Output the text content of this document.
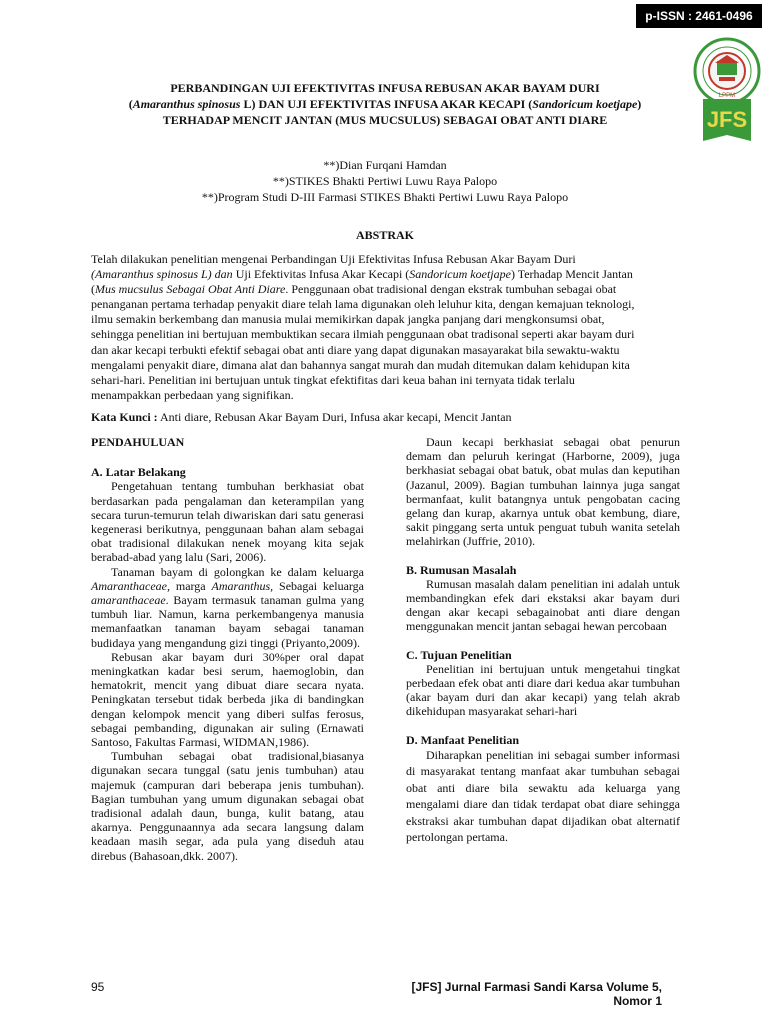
p-ISSN : 2461-0496
JFS
LPPM
PERBANDINGAN UJI EFEKTIVITAS INFUSA REBUSAN AKAR BAYAM DURI
(Amaranthus spinosus L) DAN UJI EFEKTIVITAS INFUSA AKAR KECAPI (Sandoricum koetjape)
TERHADAP MENCIT JANTAN (MUS MUCSULUS) SEBAGAI OBAT ANTI DIARE
**)Dian Furqani Hamdan
**)STIKES Bhakti Pertiwi Luwu Raya Palopo
**)Program Studi D-III Farmasi STIKES Bhakti Pertiwi Luwu Raya Palopo
ABSTRAK
Telah dilakukan penelitian mengenai Perbandingan Uji Efektivitas Infusa Rebusan Akar Bayam Duri
(Amaranthus spinosus L) dan Uji Efektivitas Infusa Akar Kecapi (Sandoricum koetjape) Terhadap Mencit Jantan
(Mus mucsulus Sebagai Obat Anti Diare. Penggunaan obat tradisional dengan ekstrak tumbuhan sebagai obat
penanganan pertama terhadap penyakit diare telah lama digunakan oleh leluhur kita, dengan kemajuan teknologi,
ilmu semakin berkembang dan manusia mulai memikirkan dapak jangka panjang dari mengkonsumsi obat,
sehingga penelitian ini bertujuan membuktikan secara ilmiah penggunaan obat tradisonal seperti akar bayam duri
dan akar kecapi terbukti efektif sebagai obat anti diare yang dapat digunakan masayarakat bila sewaktu-waktu
mengalami penyakit diare, dimana alat dan bahannya sangat murah dan mudah ditemukan dalam kehidupan kita
sehari-hari. Penelitian ini bertujuan untuk tingkat efektifitas dari keua bahan ini ternyata tidak terlalu
menampakkan perbedaan yang signifikan.
Kata Kunci : Anti diare, Rebusan Akar Bayam Duri, Infusa akar kecapi, Mencit Jantan
PENDAHULUAN
A. Latar Belakang

Pengetahuan tentang tumbuhan berkhasiat obat berdasarkan pada pengalaman dan keterampilan yang secara turun-temurun telah diwariskan dari satu generasi kegenerasi berikutnya, penggunaan bahan alam sebagai obat tradisional dilakukan nenek moyang kita sejak berabad-abad yang lalu (Sari, 2006).

Tanaman bayam di golongkan ke dalam keluarga Amaranthaceae, marga Amaranthus, Sebagai keluarga amaranthaceae. Bayam termasuk tanaman gulma yang tumbuh liar. Namun, karna perkembangenya manusia memanfaatkan tanaman bayam sebagai tanaman budidaya yang mengandung gizi tinggi (Priyanto,2009).

Rebusan akar bayam duri 30%per oral dapat meningkatkan kadar besi serum, haemoglobin, dan hematokrit, mencit yang dibuat diare secara nyata. Peningkatan tersebut tidak berbeda jika di bandingkan dengan kelompok mencit yang diberi sulfas ferosus, sebagai pembanding, digunakan air suling (Ernawati Santoso, Fakultas Farmasi, WIDMAN,1986).

Tumbuhan sebagai obat tradisional,biasanya digunakan secara tunggal (satu jenis tumbuhan) atau majemuk (campuran dari beberapa jenis tumbuhan). Bagian tumbuhan yang umum digunakan sebagai obat tradisional adalah daun, bunga, kulit batang, atau akarnya. Penggunaannya ada secara langsung dalam keadaan masih segar, ada pula yang diseduh atau direbus (Bahasoan,dkk. 2007).

Daun kecapi berkhasiat sebagai obat penurun demam dan peluruh keringat (Harborne, 2009), juga berkhasiat sebagai obat batuk, obat mulas dan keputihan (Jazanul, 2009). Bagian tumbuhan lainnya juga sangat bermanfaat, kulit batangnya untuk pengobatan cacing gelang dan kurap, akarnya untuk obat kembung, diare, sakit pinggang serta untuk penguat tubuh wanita setelah melahirkan (Juffrie, 2010).

B. Rumusan Masalah

Rumusan masalah dalam penelitian ini adalah untuk membandingkan efek dari ekstaksi akar bayam duri dengan akar kecapi sebagainobat anti diare dengan menggunakan mencit jantan sebagai hewan percobaan

C. Tujuan Penelitian

Penelitian ini bertujuan untuk mengetahui tingkat perbedaan efek obat anti diare dari kedua akar tumbuhan (akar bayam duri dan akar kecapi) yang telah akrab dikehidupan masyarakat sehari-hari

D. Manfaat Penelitian

Diharapkan penelitian ini sebagai sumber informasi di masyarakat tentang manfaat akar tumbuhan sebagai obat anti diare bila sewaktu ada keluarga yang mengalami diare dan tidak terdapat obat diare sehingga ekstraksi akar tumbuhan dapat dijadikan obat alternatif pertolongan pertama.

95	[JFS] Jurnal Farmasi Sandi Karsa Volume 5, Nomor 1
